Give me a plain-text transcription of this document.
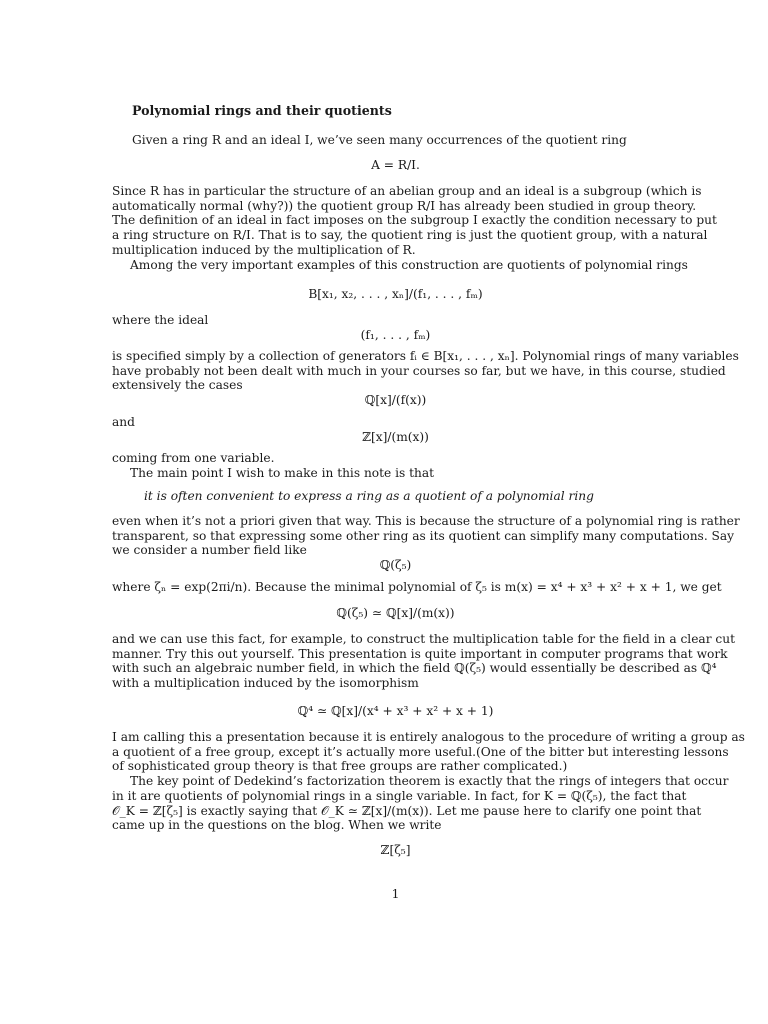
Polynomial rings and their quotients
Given a ring R and an ideal I, we’ve seen many occurrences of the quotient ring
A = R/I.
Since R has in particular the structure of an abelian group and an ideal is a subgroup (which is
automatically normal (why?)) the quotient group R/I has already been studied in group theory.
The definition of an ideal in fact imposes on the subgroup I exactly the condition necessary to put
a ring structure on R/I. That is to say, the quotient ring is just the quotient group, with a natural
multiplication induced by the multiplication of R.
Among the very important examples of this construction are quotients of polynomial rings
B[x₁, x₂, . . . , xₙ]/(f₁, . . . , fₘ)
where the ideal
(f₁, . . . , fₘ)
is specified simply by a collection of generators fᵢ ∈ B[x₁, . . . , xₙ]. Polynomial rings of many variables
have probably not been dealt with much in your courses so far, but we have, in this course, studied
extensively the cases
ℚ[x]/(f(x))
and
ℤ[x]/(m(x))
coming from one variable.
The main point I wish to make in this note is that
it is often convenient to express a ring as a quotient of a polynomial ring
even when it’s not a priori given that way. This is because the structure of a polynomial ring is rather
transparent, so that expressing some other ring as its quotient can simplify many computations. Say
we consider a number field like
ℚ(ζ₅)
where ζₙ = exp(2πi/n). Because the minimal polynomial of ζ₅ is m(x) = x⁴ + x³ + x² + x + 1, we get
ℚ(ζ₅) ≃ ℚ[x]/(m(x))
and we can use this fact, for example, to construct the multiplication table for the field in a clear cut
manner. Try this out yourself. This presentation is quite important in computer programs that work
with such an algebraic number field, in which the field ℚ(ζ₅) would essentially be described as ℚ⁴
with a multiplication induced by the isomorphism
ℚ⁴ ≃ ℚ[x]/(x⁴ + x³ + x² + x + 1)
I am calling this a presentation because it is entirely analogous to the procedure of writing a group as
a quotient of a free group, except it’s actually more useful.(One of the bitter but interesting lessons
of sophisticated group theory is that free groups are rather complicated.)
The key point of Dedekind’s factorization theorem is exactly that the rings of integers that occur
in it are quotients of polynomial rings in a single variable. In fact, for K = ℚ(ζ₅), the fact that
𝒪_K = ℤ[ζ₅] is exactly saying that 𝒪_K ≃ ℤ[x]/(m(x)). Let me pause here to clarify one point that
came up in the questions on the blog. When we write
ℤ[ζ₅]
1
